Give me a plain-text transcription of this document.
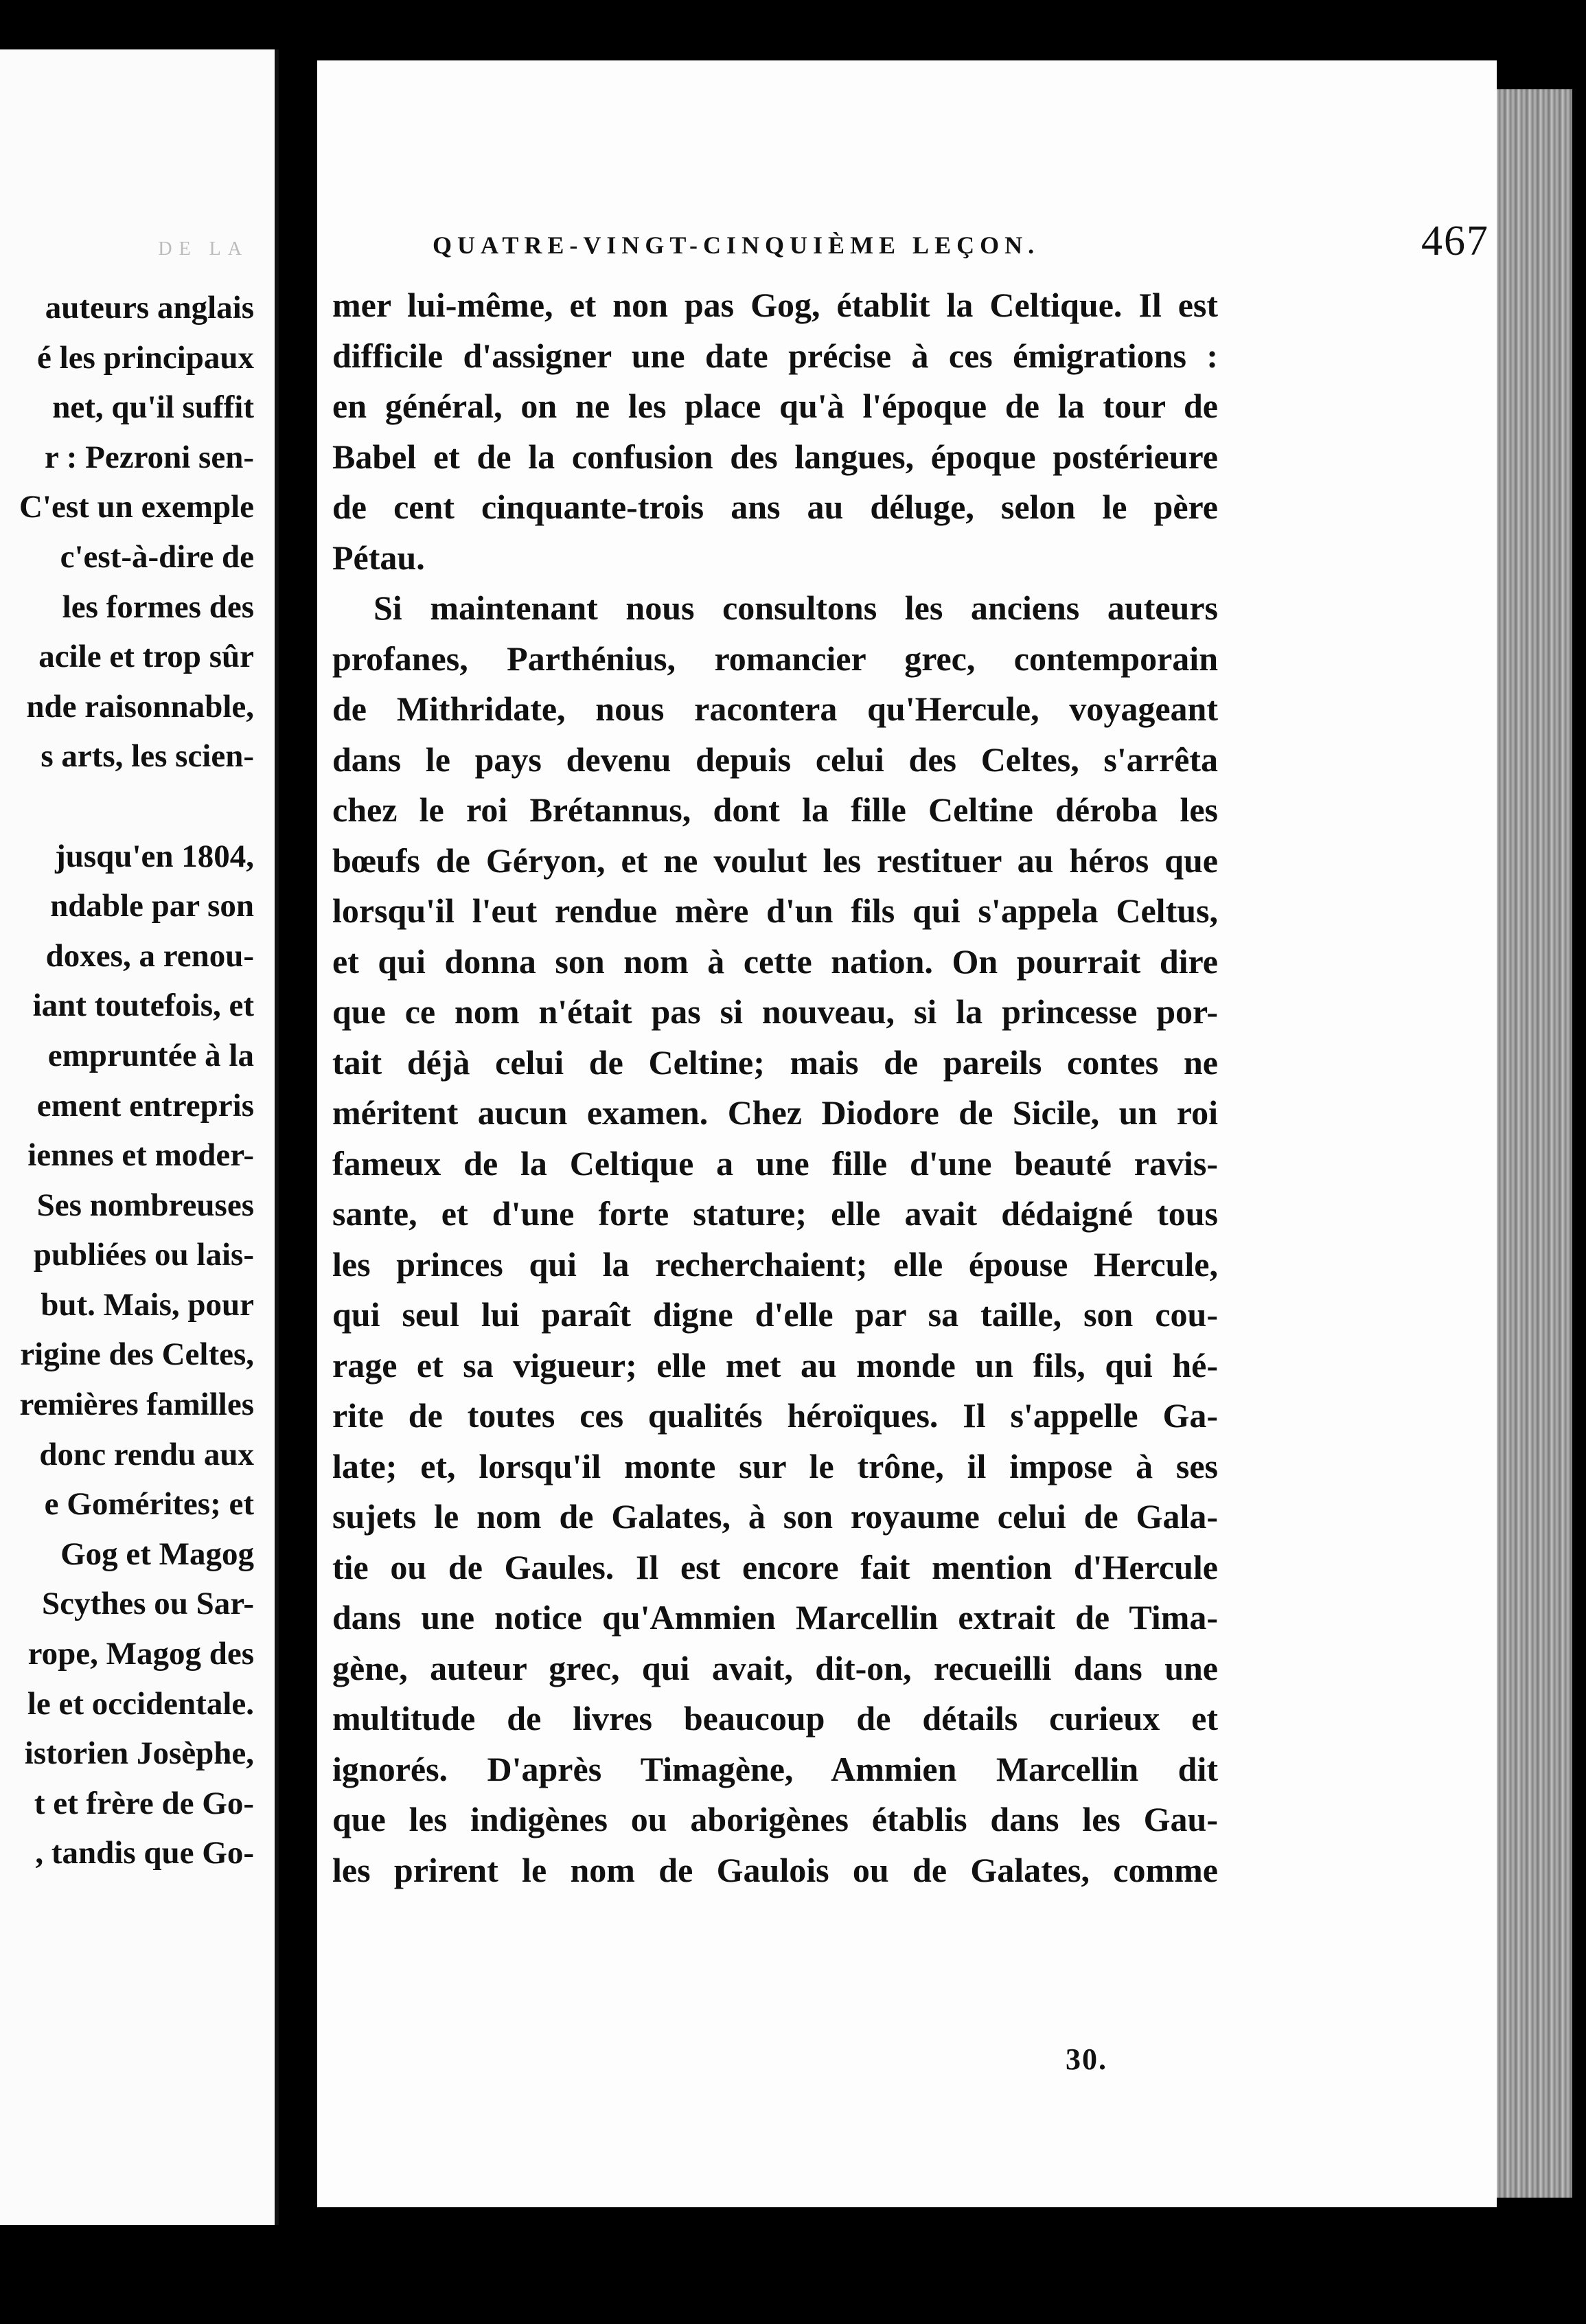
DE LA
auteurs anglais
é les principaux
net, qu'il suffit
r : Pezroni sen-
C'est un exemple
c'est-à-dire de
les formes des
acile et trop sûr
nde raisonnable,
s arts, les scien-

jusqu'en 1804,
ndable par son
doxes, a renou-
iant toutefois, et
empruntée à la
ement entrepris
iennes et moder-
Ses nombreuses
publiées ou lais-
but. Mais, pour
rigine des Celtes,
remières familles
donc rendu aux
e Gomérites; et
Gog et Magog
Scythes ou Sar-
rope, Magog des
le et occidentale.
istorien Josèphe,
t et frère de Go-
, tandis que Go-
QUATRE-VINGT-CINQUIÈME LEÇON.	467
mer lui-même, et non pas Gog, établit la Celtique. Il est
difficile d'assigner une date précise à ces émigrations :
en général, on ne les place qu'à l'époque de la tour de
Babel et de la confusion des langues, époque postérieure
de cent cinquante-trois ans au déluge, selon le père
Pétau.
Si maintenant nous consultons les anciens auteurs
profanes, Parthénius, romancier grec, contemporain
de Mithridate, nous racontera qu'Hercule, voyageant
dans le pays devenu depuis celui des Celtes, s'arrêta
chez le roi Brétannus, dont la fille Celtine déroba les
bœufs de Géryon, et ne voulut les restituer au héros que
lorsqu'il l'eut rendue mère d'un fils qui s'appela Celtus,
et qui donna son nom à cette nation. On pourrait dire
que ce nom n'était pas si nouveau, si la princesse por-
tait déjà celui de Celtine; mais de pareils contes ne
méritent aucun examen. Chez Diodore de Sicile, un roi
fameux de la Celtique a une fille d'une beauté ravis-
sante, et d'une forte stature; elle avait dédaigné tous
les princes qui la recherchaient; elle épouse Hercule,
qui seul lui paraît digne d'elle par sa taille, son cou-
rage et sa vigueur; elle met au monde un fils, qui hé-
rite de toutes ces qualités héroïques. Il s'appelle Ga-
late; et, lorsqu'il monte sur le trône, il impose à ses
sujets le nom de Galates, à son royaume celui de Gala-
tie ou de Gaules. Il est encore fait mention d'Hercule
dans une notice qu'Ammien Marcellin extrait de Tima-
gène, auteur grec, qui avait, dit-on, recueilli dans une
multitude de livres beaucoup de détails curieux et
ignorés. D'après Timagène, Ammien Marcellin dit
que les indigènes ou aborigènes établis dans les Gau-
les prirent le nom de Gaulois ou de Galates, comme
30.
